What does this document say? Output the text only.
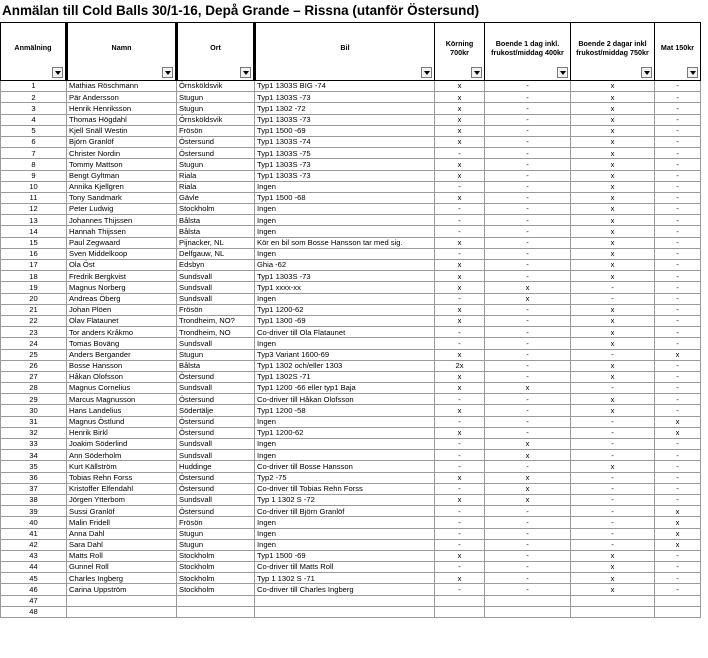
Anmälan till Cold Balls 30/1-16, Depå Grande – Rissna (utanför Östersund)
Anmälning	Namn	Ort	Bil	Körning 700kr	Boende 1 dag inkl. frukost/middag 400kr	Boende 2 dagar inkl frukost/middag 750kr	Mat 150kr

1	Mathias Röschmann	Örnsköldsvik	Typ1 1303S BIG -74	x	-	x	-
2	Pär Andersson	Stugun	Typ1 1303S -73	x	-	x	-
3	Henrik Henriksson	Stugun	Typ1 1302 -72	x	-	x	-
4	Thomas Högdahl	Örnsköldsvik	Typ1 1303S -73	x	-	x	-
5	Kjell Snäll Westin	Frösön	Typ1 1500 -69	x	-	x	-
6	Björn Granlöf	Östersund	Typ1 1303S -74	x	-	x	-
7	Christer Nordin	Östersund	Typ1 1303S -75	-	-	x	-
8	Tommy Mattson	Stugun	Typ1 1303S -73	x	-	x	-
9	Bengt Gyltman	Riala	Typ1 1303S -73	x	-	x	-
10	Annika Kjellgren	Riala	Ingen	-	-	x	-
11	Tony Sandmark	Gävle	Typ1 1500 -68	x	-	x	-
12	Peter Ludwig	Stockholm	Ingen	-	-	x	-
13	Johannes Thijssen	Bålsta	Ingen	-	-	x	-
14	Hannah Thijssen	Bålsta	Ingen	-	-	x	-
15	Paul Zegwaard	Pijnacker, NL	Kör en bil som Bosse Hansson tar med sig.	x	-	x	-
16	Sven Middelkoop	Delfgauw, NL	Ingen	-	-	x	-
17	Ola Öst	Edsbyn	Ghia -62	x	-	x	-
18	Fredrik Bergkvist	Sundsvall	Typ1 1303S -73	x	-	x	-
19	Magnus Norberg	Sundsvall	Typ1 xxxx-xx	x	x	-	-
20	Andreas Öberg	Sundsvall	Ingen	-	x	-	-
21	Johan Plöen	Frösön	Typ1 1200-62	x	-	x	-
22	Olav Flataunet	Trondheim, NO?	Typ1 1300 -69	x	-	x	-
23	Tor anders Kråkmo	Trondheim, NO	Co-driver till Ola Flataunet	-	-	x	-
24	Tomas Boväng	Sundsvall	Ingen	-	-	x	-
25	Anders Bergander	Stugun	Typ3 Variant 1600-69	x	-	-	x
26	Bosse Hansson	Bålsta	Typ1 1302 och/eller 1303	2x	-	x	-
27	Håkan Olofsson	Östersund	Typ1 1302S -71	x	-	x	-
28	Magnus Cornelius	Sundsvall	Typ1 1200 -66 eller typ1 Baja	x	x	-	-
29	Marcus Magnusson	Östersund	Co-driver till Håkan Olofsson	-	-	x	-
30	Hans Landelius	Södertälje	Typ1 1200 -58	x	-	x	-
31	Magnus Östlund	Östersund	Ingen	-	-	-	x
32	Henrik Birkl	Östersund	Typ1 1200-62	x	-	-	x
33	Joakim Söderlind	Sundsvall	Ingen	-	x	-	-
34	Ann Söderholm	Sundsvall	Ingen	-	x	-	-
35	Kurt Källström	Huddinge	Co-driver till Bosse Hansson	-	-	x	-
36	Tobias Rehn Forss	Östersund	Typ2 -75	x	x	-	-
37	Kristoffer Elfendahl	Östersund	Co-driver till Tobias Rehn Forss	-	x	-	-
38	Jörgen Ytterbom	Sundsvall	Typ 1 1302 S -72	x	x	-	-
39	Sussi Granlöf	Östersund	Co-driver till Björn Granlöf	-	-	-	x
40	Malin Fridell	Frösön	Ingen	-	-	-	x
41	Anna Dahl	Stugun	Ingen	-	-	-	x
42	Sara Dahl	Stugun	Ingen	-	-	-	x
43	Matts Roll	Stockholm	Typ1 1500 -69	x	-	x	-
44	Gunnel Roll	Stockholm	Co-driver till Matts Roll	-	-	x	-
45	Charles Ingberg	Stockholm	Typ 1 1302 S -71	x	-	x	-
46	Carina Uppström	Stockholm	Co-driver till Charles Ingberg	-	-	x	-
47							
48							
